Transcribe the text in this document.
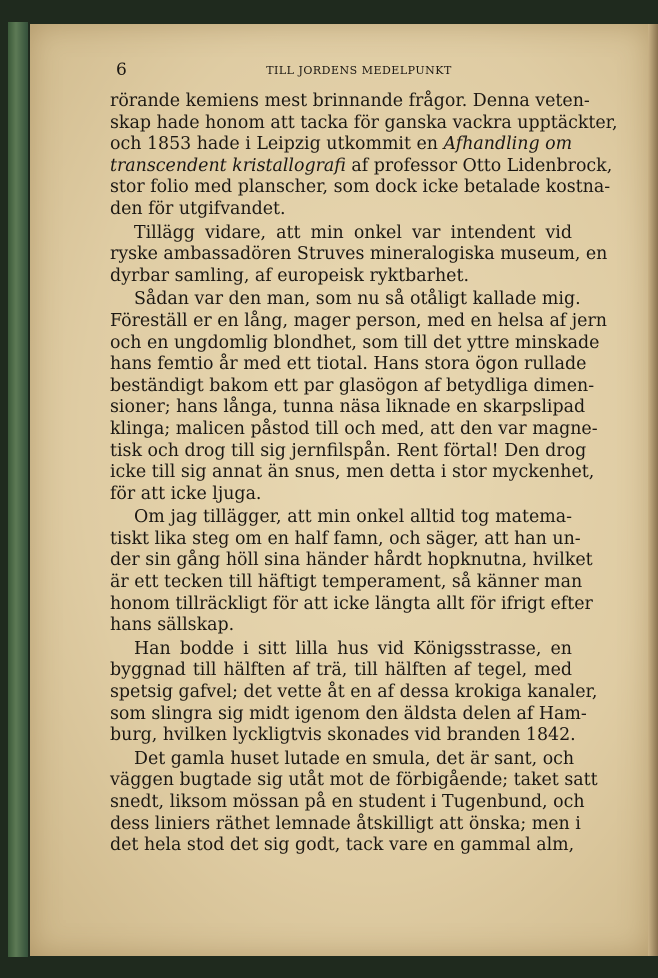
6	TILL JORDENS MEDELPUNKT
rörande kemiens mest brinnande frågor. Denna veten-
skap hade honom att tacka för ganska vackra upptäckter,
och 1853 hade i Leipzig utkommit en Afhandling om
transcendent kristallografi af professor Otto Lidenbrock,
stor folio med planscher, som dock icke betalade kostna-
den för utgifvandet.
Tillägg vidare, att min onkel var intendent vid
ryske ambassadören Struves mineralogiska museum, en
dyrbar samling, af europeisk ryktbarhet.
Sådan var den man, som nu så otåligt kallade mig.
Föreställ er en lång, mager person, med en helsa af jern
och en ungdomlig blondhet, som till det yttre minskade
hans femtio år med ett tiotal. Hans stora ögon rullade
beständigt bakom ett par glasögon af betydliga dimen-
sioner; hans långa, tunna näsa liknade en skarpslipad
klinga; malicen påstod till och med, att den var magne-
tisk och drog till sig jernfilspån. Rent förtal! Den drog
icke till sig annat än snus, men detta i stor myckenhet,
för att icke ljuga.
Om jag tillägger, att min onkel alltid tog matema-
tiskt lika steg om en half famn, och säger, att han un-
der sin gång höll sina händer hårdt hopknutna, hvilket
är ett tecken till häftigt temperament, så känner man
honom tillräckligt för att icke längta allt för ifrigt efter
hans sällskap.
Han bodde i sitt lilla hus vid Königsstrasse, en
byggnad till hälften af trä, till hälften af tegel, med
spetsig gafvel; det vette åt en af dessa krokiga kanaler,
som slingra sig midt igenom den äldsta delen af Ham-
burg, hvilken lyckligtvis skonades vid branden 1842.
Det gamla huset lutade en smula, det är sant, och
väggen bugtade sig utåt mot de förbigående; taket satt
snedt, liksom mössan på en student i Tugenbund, och
dess liniers räthet lemnade åtskilligt att önska; men i
det hela stod det sig godt, tack vare en gammal alm,
